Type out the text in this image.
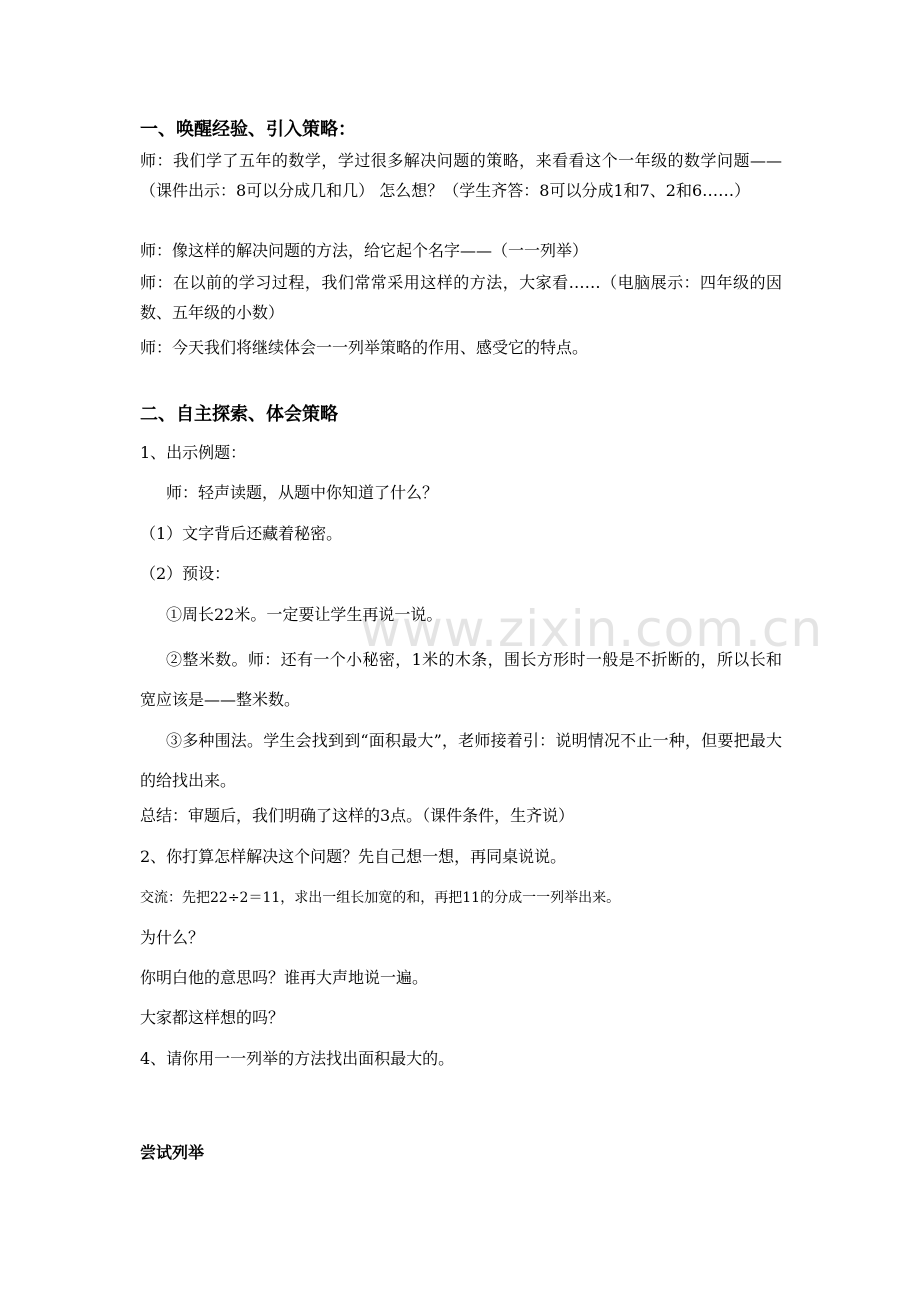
www.zixin.com.cn
一、唤醒经验、引入策略：
师：我们学了五年的数学，学过很多解决问题的策略，来看看这个一年级的数学问题——（课件出示：8可以分成几和几） 怎么想？（学生齐答：8可以分成1和7、2和6……）
师：像这样的解决问题的方法，给它起个名字——（一一列举）
师：在以前的学习过程，我们常常采用这样的方法，大家看……（电脑展示：四年级的因数、五年级的小数）
师：今天我们将继续体会一一列举策略的作用、感受它的特点。
二、自主探索、体会策略
1、出示例题：
师：轻声读题，从题中你知道了什么？
（1）文字背后还藏着秘密。
（2）预设：
①周长22米。一定要让学生再说一说。
②整米数。师：还有一个小秘密，1米的木条，围长方形时一般是不折断的，所以长和宽应该是——整米数。
③多种围法。学生会找到到“面积最大”，老师接着引：说明情况不止一种，但要把最大的给找出来。
总结：审题后，我们明确了这样的3点。（课件条件，生齐说）
2、你打算怎样解决这个问题？先自己想一想，再同桌说说。
交流：先把22÷2＝11，求出一组长加宽的和，再把11的分成一一列举出来。
为什么？
你明白他的意思吗？谁再大声地说一遍。
大家都这样想的吗？
4、请你用一一列举的方法找出面积最大的。
尝试列举
